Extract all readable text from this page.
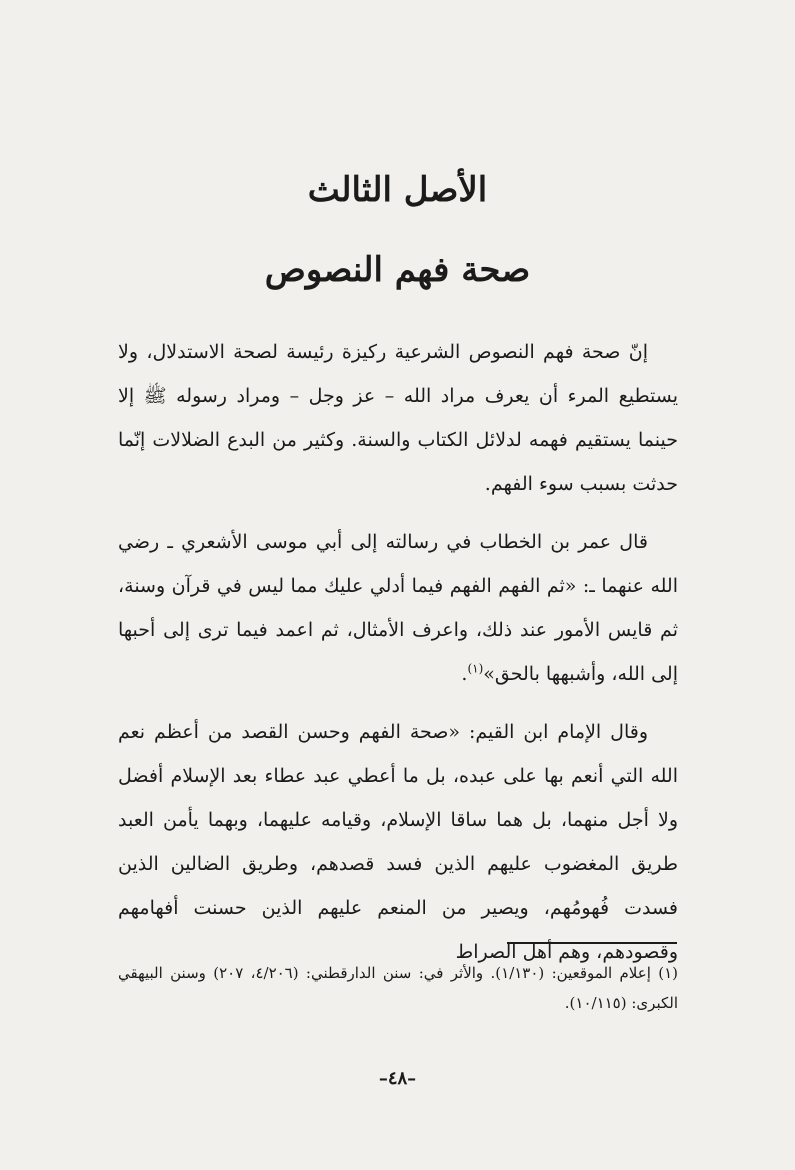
الأصل الثالث
صحة فهم النصوص

إنّ صحة فهم النصوص الشرعية ركيزة رئيسة لصحة الاستدلال، ولا يستطيع المرء أن يعرف مراد الله – عز وجل – ومراد رسوله ﷺ إلا حينما يستقيم فهمه لدلائل الكتاب والسنة. وكثير من البدع الضلالات إنّما حدثت بسبب سوء الفهم.

قال عمر بن الخطاب في رسالته إلى أبي موسى الأشعري ـ رضي الله عنهما ـ: «ثم الفهم الفهم فيما أدلي عليك مما ليس في قرآن وسنة، ثم قايس الأمور عند ذلك، واعرف الأمثال، ثم اعمد فيما ترى إلى أحبها إلى الله، وأشبهها بالحق»$^{(١)}$.

وقال الإمام ابن القيم: «صحة الفهم وحسن القصد من أعظم نعم الله التي أنعم بها على عبده، بل ما أعطي عبد عطاء بعد الإسلام أفضل ولا أجل منهما، بل هما ساقا الإسلام، وقيامه عليهما، وبهما يأمن العبد طريق المغضوب عليهم الذين فسد قصدهم، وطريق الضالين الذين فسدت فُهومُهم، ويصير من المنعم عليهم الذين حسنت أفهامهم وقصودهم، وهم أهل الصراط

(١) إعلام الموقعين: (١/١٣٠). والأثر في: سنن الدارقطني: (٤/٢٠٦، ٢٠٧) وسنن البيهقي الكبرى: (١٠/١١٥).

–٤٨–
